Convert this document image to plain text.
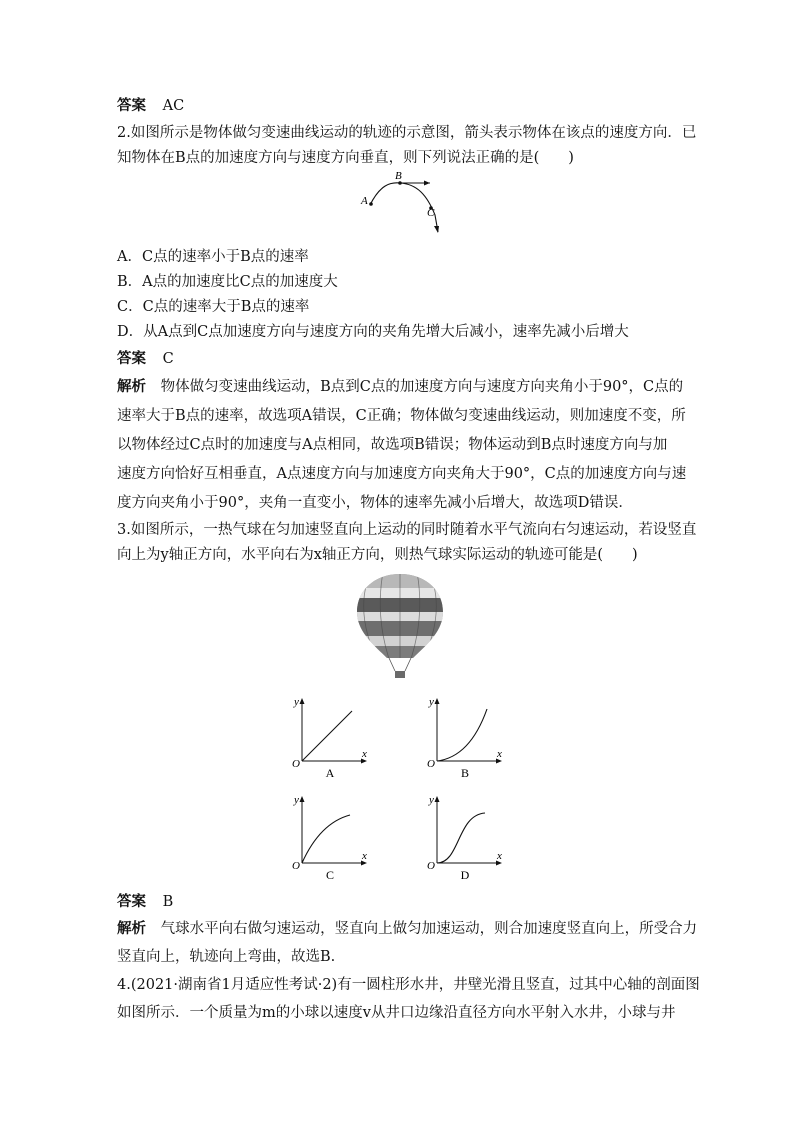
答案 AC
2.如图所示是物体做匀变速曲线运动的轨迹的示意图，箭头表示物体在该点的速度方向．已
知物体在B点的加速度方向与速度方向垂直，则下列说法正确的是(　　)
A
B
C
A．C点的速率小于B点的速率
B．A点的加速度比C点的加速度大
C．C点的速率大于B点的速率
D．从A点到C点加速度方向与速度方向的夹角先增大后减小，速率先减小后增大
答案 C
解析 物体做匀变速曲线运动，B点到C点的加速度方向与速度方向夹角小于90°，C点的
速率大于B点的速率，故选项A错误，C正确；物体做匀变速曲线运动，则加速度不变，所
以物体经过C点时的加速度与A点相同，故选项B错误；物体运动到B点时速度方向与加
速度方向恰好互相垂直，A点速度方向与加速度方向夹角大于90°，C点的加速度方向与速
度方向夹角小于90°，夹角一直变小，物体的速率先减小后增大，故选项D错误．
3.如图所示，一热气球在匀加速竖直向上运动的同时随着水平气流向右匀速运动，若设竖直
向上为y轴正方向，水平向右为x轴正方向，则热气球实际运动的轨迹可能是(　　)
y
x
O
A
y
x
O
B
y
x
O
C
y
x
O
D
答案 B
解析 气球水平向右做匀速运动，竖直向上做匀加速运动，则合加速度竖直向上，所受合力
竖直向上，轨迹向上弯曲，故选B.
4.(2021·湖南省1月适应性考试·2)有一圆柱形水井，井壁光滑且竖直，过其中心轴的剖面图
如图所示．一个质量为m的小球以速度v从井口边缘沿直径方向水平射入水井，小球与井
